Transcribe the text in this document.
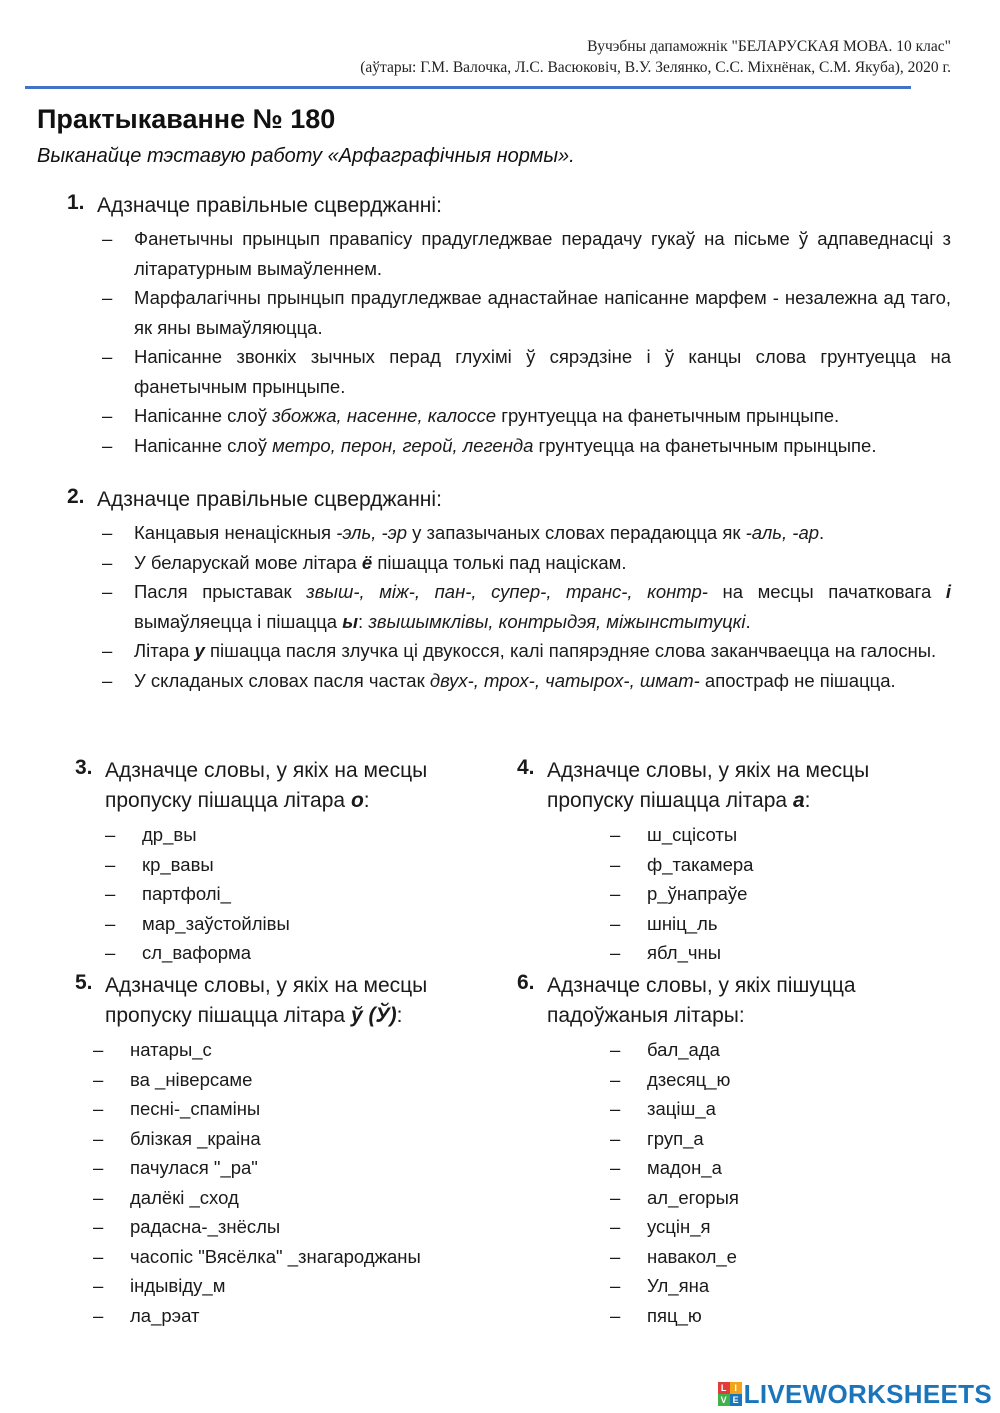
Вучэбны дапаможнік "БЕЛАРУСКАЯ МОВА. 10 клас"
(аўтары: Г.М. Валочка, Л.С. Васюковіч, В.У. Зелянко, С.С. Міхнёнак, С.М. Якуба), 2020 г.
Практыкаванне № 180
Выканайце тэставую работу «Арфаграфічныя нормы».
1. Адзначце правільные сцверджанні:
– Фанетычны прынцып правапісу прадугледжвае перадачу гукаў на пісьме ў адпаведнасці з літаратурным вымаўленнем.
– Марфалагічны прынцып прадугледжвае аднастайнае напісанне марфем - незалежна ад таго, як яны вымаўляюцца.
– Напісанне звонкіх зычных перад глухімі ў сярэдзіне і ў канцы слова грунтуецца на фанетычным прынцыпе.
– Напісанне слоў збожжа, насенне, калоссе грунтуецца на фанетычным прынцыпе.
– Напісанне слоў метро, перон, герой, легенда грунтуецца на фанетычным прынцыпе.
2. Адзначце правільные сцверджанні:
– Канцавыя ненаціскныя -эль, -эр у запазычаных словах перадаюцца як -аль, -ар.
– У беларускай мове літара ё пішацца толькі пад націскам.
– Пасля прыставак звыш-, між-, пан-, супер-, транс-, контр- на месцы пачатковага і вымаўляецца і пішацца ы: звышымклівы, контрыдэя, міжынстытуцкі.
– Літара у пішацца пасля злучка ці двукосся, калі папярэдняе слова заканчваецца на галосны.
– У складаных словах пасля частак двух-, трох-, чатырох-, шмат- апостраф не пішацца.
3. Адзначце словы, у якіх на месцы
пропуску пішацца літара о:
– др_вы
– кр_вавы
– партфолі_
– мар_заўстойлівы
– сл_ваформа
4. Адзначце словы, у якіх на месцы
пропуску пішацца літара а:
– ш_сцісоты
– ф_такамера
– р_ўнапраўе
– шніц_ль
– ябл_чны
5. Адзначце словы, у якіх на месцы
пропуску пішацца літара ў (Ў):
– натары_с
– ва _ніверсаме
– песні-_спаміны
– блізкая _краіна
– пачулася "_ра"
– далёкі _сход
– радасна-_знёслы
– часопіс "Вясёлка" _знагароджаны
– індывіду_м
– ла_рэат
6. Адзначце словы, у якіх пішуцца
падоўжаныя літары:
– бал_ада
– дзесяц_ю
– заціш_а
– груп_а
– мадон_а
– ал_егорыя
– усцін_я
– навакол_е
– Ул_яна
– пяц_ю
L I
V E LIVEWORKSHEETS
